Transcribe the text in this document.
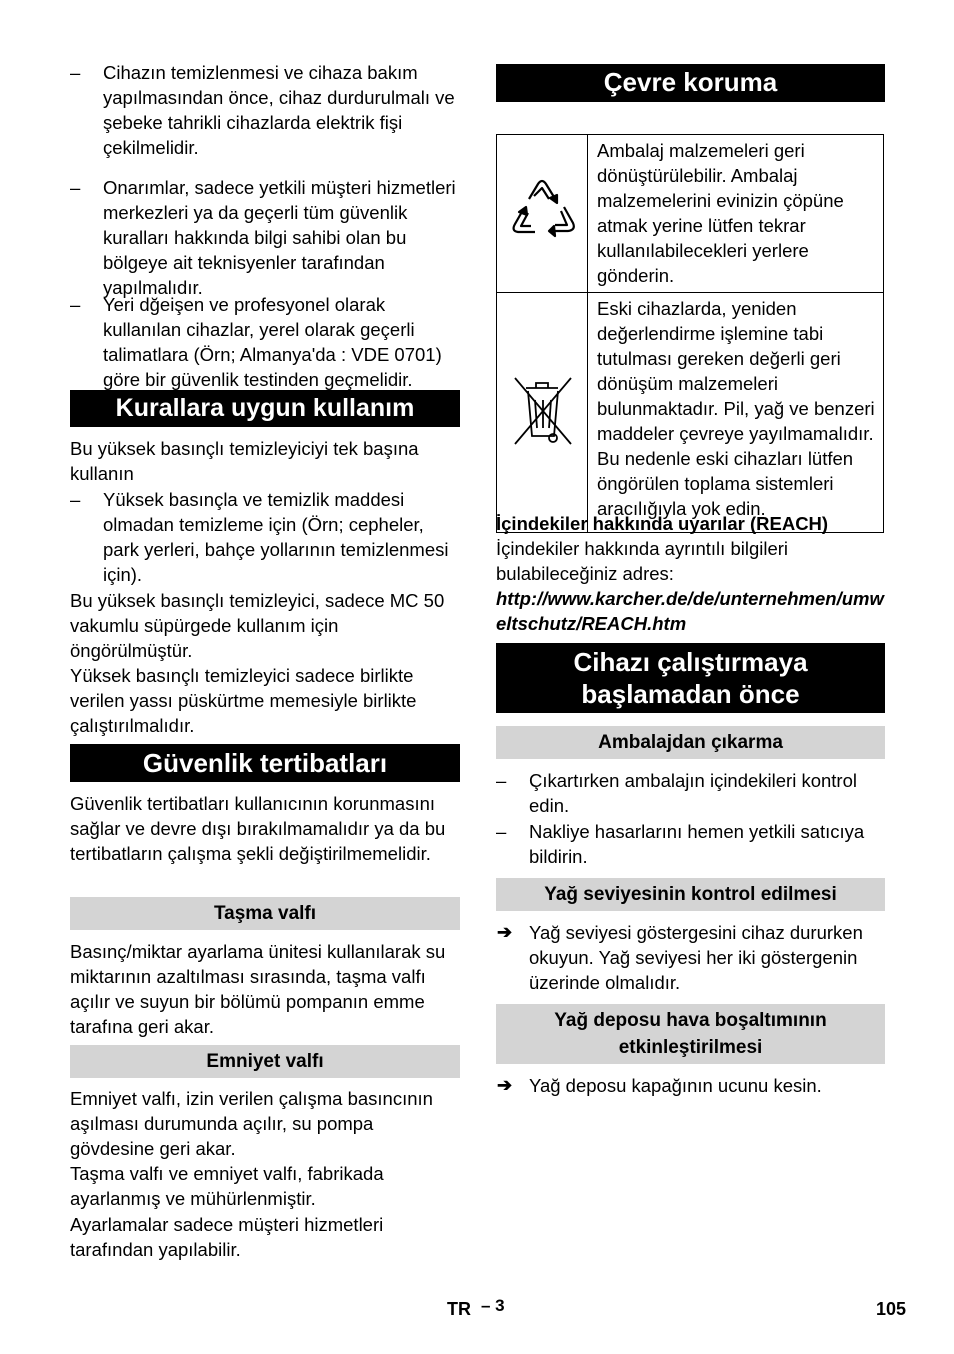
– Cihazın temizlenmesi ve cihaza bakım yapılmasından önce, cihaz durdurulmalı ve şebeke tahrikli cihazlarda elektrik fişi çekilmelidir.

– Onarımlar, sadece yetkili müşteri hizmetleri merkezleri ya da geçerli tüm güvenlik kuralları hakkında bilgi sahibi olan bu bölgeye ait teknisyenler tarafından yapılmalıdır.

– Yeri dğeişen ve profesyonel olarak kullanılan cihazlar, yerel olarak geçerli talimatlara (Örn; Almanya'da : VDE 0701) göre bir güvenlik testinden geçmelidir.

Kurallara uygun kullanım

Bu yüksek basınçlı temizleyiciyi tek başına kullanın

– Yüksek basınçla ve temizlik maddesi olmadan temizleme için (Örn; cepheler, park yerleri, bahçe yollarının temizlenmesi için).

Bu yüksek basınçlı temizleyici, sadece MC 50 vakumlu süpürgede kullanım için öngörülmüştür.

Yüksek basınçlı temizleyici sadece birlikte verilen yassı püskürtme memesiyle birlikte çalıştırılmalıdır.

Güvenlik tertibatları

Güvenlik tertibatları kullanıcının korunmasını sağlar ve devre dışı bırakılmamalıdır ya da bu tertibatların çalışma şekli değiştirilmemelidir.

Taşma valfı

Basınç/miktar ayarlama ünitesi kullanılarak su miktarının azaltılması sırasında, taşma valfı açılır ve suyun bir bölümü pompanın emme tarafına geri akar.

Emniyet valfı

Emniyet valfı, izin verilen çalışma basıncının aşılması durumunda açılır, su pompa gövdesine geri akar.

Taşma valfı ve emniyet valfı, fabrikada ayarlanmış ve mühürlenmiştir.

Ayarlamalar sadece müşteri hizmetleri tarafından yapılabilir.

Çevre koruma
	Ambalaj malzemeleri geri dönüştürülebilir. Ambalaj malzemelerini evinizin çöpüne atmak yerine lütfen tekrar kullanılabilecekleri yerlere gönderin.
	Eski cihazlarda, yeniden değerlendirme işlemine tabi tutulması gereken değerli geri dönüşüm malzemeleri bulunmaktadır. Pil, yağ ve benzeri maddeler çevreye yayılmamalıdır. Bu nedenle eski cihazları lütfen öngörülen toplama sistemleri aracılığıyla yok edin.

İçindekiler hakkında uyarılar (REACH)

İçindekiler hakkında ayrıntılı bilgileri bulabileceğiniz adres:

http://www.karcher.de/de/unternehmen/umweltschutz/REACH.htm

Cihazı çalıştırmaya başlamadan önce
Ambalajdan çıkarma
– Çıkartırken ambalajın içindekileri kontrol edin.

– Nakliye hasarlarını hemen yetkili satıcıya bildirin.

Yağ seviyesinin kontrol edilmesi
➔ Yağ seviyesi göstergesini cihaz dururken okuyun. Yağ seviyesi her iki göstergenin üzerinde olmalıdır.

Yağ deposu hava boşaltımının etkinleştirilmesi
➔ Yağ deposu kapağının ucunu kesin.

TR – 3	105
